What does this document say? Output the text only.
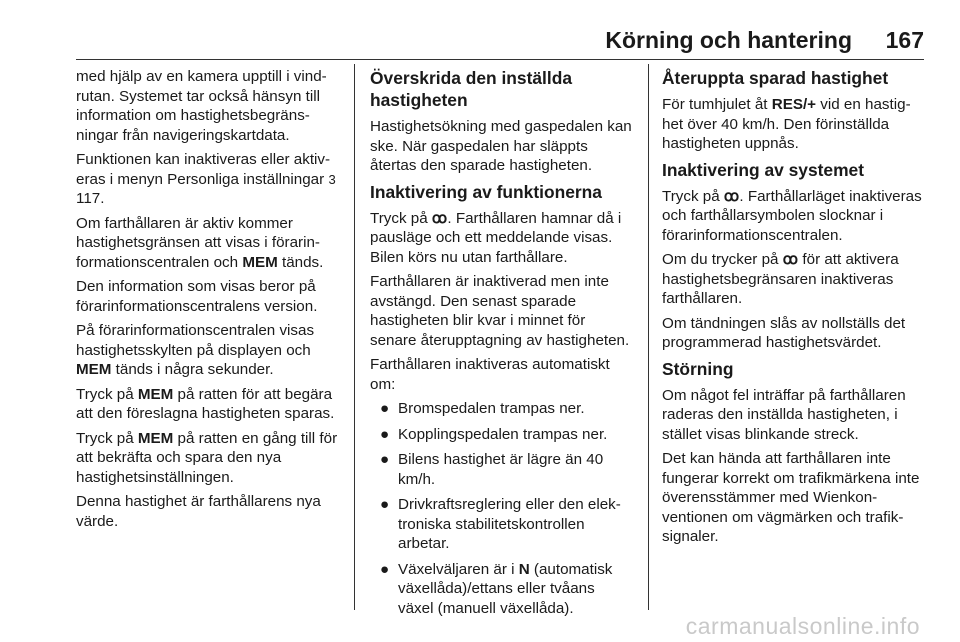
Körning och hantering 167

med hjälp av en kamera upptill i vindrutan. Systemet tar också hänsyn till information om hastighetsbegränsningar från navigeringskartdata.

Funktionen kan inaktiveras eller aktiveras i menyn Personliga inställningar 3 117.

Om farthållaren är aktiv kommer hastighetsgränsen att visas i förarinformationscentralen och MEM tänds.

Den information som visas beror på förarinformationscentralens version.

På förarinformationscentralen visas hastighetsskylten på displayen och MEM tänds i några sekunder.

Tryck på MEM på ratten för att begära att den föreslagna hastigheten sparas.

Tryck på MEM på ratten en gång till för att bekräfta och spara den nya hastighetsinställningen.

Denna hastighet är farthållarens nya värde.

Överskrida den inställda hastigheten

Hastighetsökning med gaspedalen kan ske. När gaspedalen har släppts återtas den sparade hastigheten.

Inaktivering av funktionerna

Tryck på ꝏ. Farthållaren hamnar då i pausläge och ett meddelande visas. Bilen körs nu utan farthållare.

Farthållaren är inaktiverad men inte avstängd. Den senast sparade hastigheten blir kvar i minnet för senare återupptagning av hastigheten.

Farthållaren inaktiveras automatiskt om:

● Bromspedalen trampas ner.
● Kopplingspedalen trampas ner.
● Bilens hastighet är lägre än 40 km/h.
● Drivkraftsreglering eller den elektroniska stabilitetskontrollen arbetar.
● Växelväljaren är i N (automatisk växellåda)/ettans eller tvåans växel (manuell växellåda).
Återuppta sparad hastighet

För tumhjulet åt RES/+ vid en hastighet över 40 km/h. Den förinställda hastigheten uppnås.

Inaktivering av systemet

Tryck på ꝏ. Farthållarläget inaktiveras och farthållarsymbolen slocknar i förarinformationscentralen.

Om du trycker på ꝏ för att aktivera hastighetsbegränsaren inaktiveras farthållaren.

Om tändningen slås av nollställs det programmerad hastighetsvärdet.

Störning

Om något fel inträffar på farthållaren raderas den inställda hastigheten, i stället visas blinkande streck.

Det kan hända att farthållaren inte fungerar korrekt om trafikmärkena inte överensstämmer med Wienkonventionen om vägmärken och trafiksignaler.

carmanualsonline.info
